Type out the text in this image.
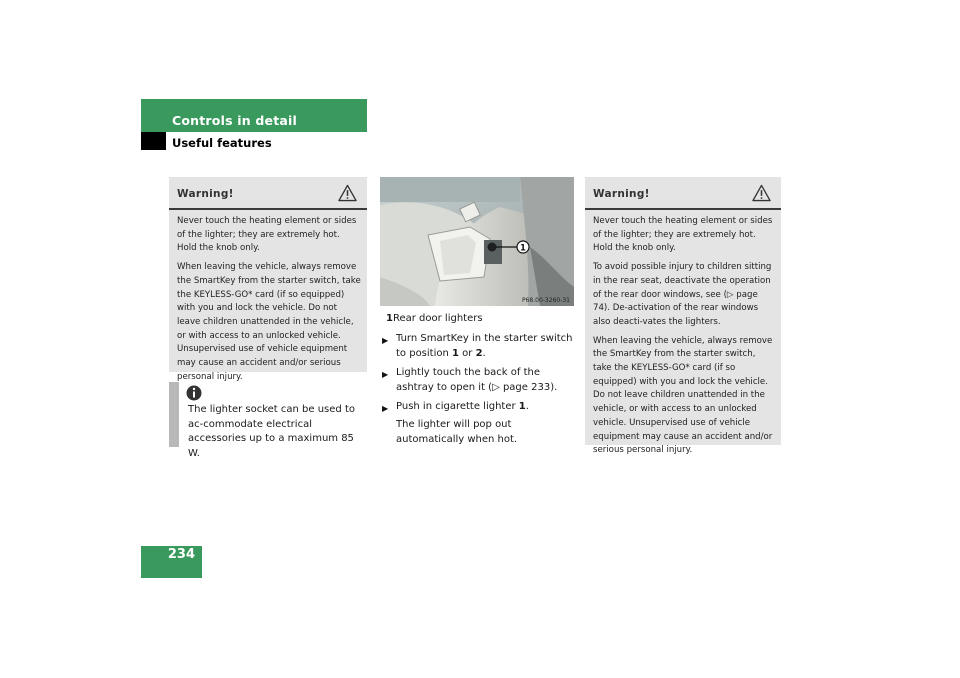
Controls in detail
Useful features
Warning!

Never touch the heating element or sides of the lighter; they are extremely hot. Hold the knob only.

When leaving the vehicle, always remove the SmartKey from the starter switch, take the KEYLESS-GO* card (if so equipped) with you and lock the vehicle. Do not leave children unattended in the vehicle, or with access to an unlocked vehicle. Unsupervised use of vehicle equipment may cause an accident and/or serious personal injury.

The lighter socket can be used to ac-commodate electrical accessories up to a maximum 85 W.
1
P68.00-3260-31
1Rear door lighters
▶ Turn SmartKey in the starter switch to position 1 or 2.
▶ Lightly touch the back of the ashtray to open it (▷ page 233).
▶ Push in cigarette lighter 1.
The lighter will pop out automatically when hot.
Warning!

Never touch the heating element or sides of the lighter; they are extremely hot. Hold the knob only.

To avoid possible injury to children sitting in the rear seat, deactivate the operation of the rear door windows, see (▷ page 74). De-activation of the rear windows also deacti-vates the lighters.

When leaving the vehicle, always remove the SmartKey from the starter switch, take the KEYLESS-GO* card (if so equipped) with you and lock the vehicle. Do not leave children unattended in the vehicle, or with access to an unlocked vehicle. Unsupervised use of vehicle equipment may cause an accident and/or serious personal injury.

234
